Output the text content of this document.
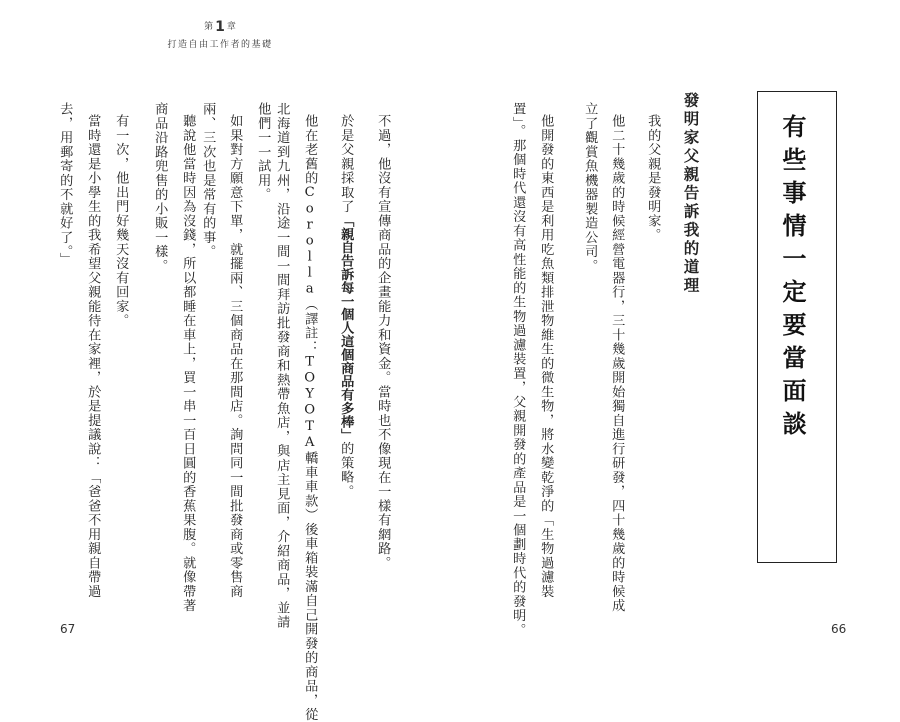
第 1 章
打造自由工作者的基礎
有些事情一定要當面談
發明家父親告訴我的道理
我的父親是發明家。
他二十幾歲的時候經營電器行，三十幾歲開始獨自進行研發，四十幾歲的時候成
立了觀賞魚機器製造公司。
他開發的東西是利用吃魚類排泄物維生的微生物，將水變乾淨的「生物過濾裝
置」。那個時代還沒有高性能的生物過濾裝置，父親開發的產品是一個劃時代的發明。
不過，他沒有宣傳商品的企畫能力和資金。當時也不像現在一樣有網路。
於是父親採取了「親自告訴每一個人這個商品有多棒」的策略。
他在老舊的Corolla（譯註：TOYOTA轎車車款）後車箱裝滿自己開發的商品，從
北海道到九州，沿途一間一間拜訪批發商和熱帶魚店，與店主見面，介紹商品，並請
他們一一試用。
如果對方願意下單，就擺兩、三個商品在那間店。詢問同一間批發商或零售商
兩、三次也是常有的事。
聽說他當時因為沒錢，所以都睡在車上，買一串一百日圓的香蕉果腹。就像帶著
商品沿路兜售的小販一樣。
有一次，他出門好幾天沒有回家。
當時還是小學生的我希望父親能待在家裡，於是提議說：「爸爸不用親自帶過
去，用郵寄的不就好了。」
67	66
